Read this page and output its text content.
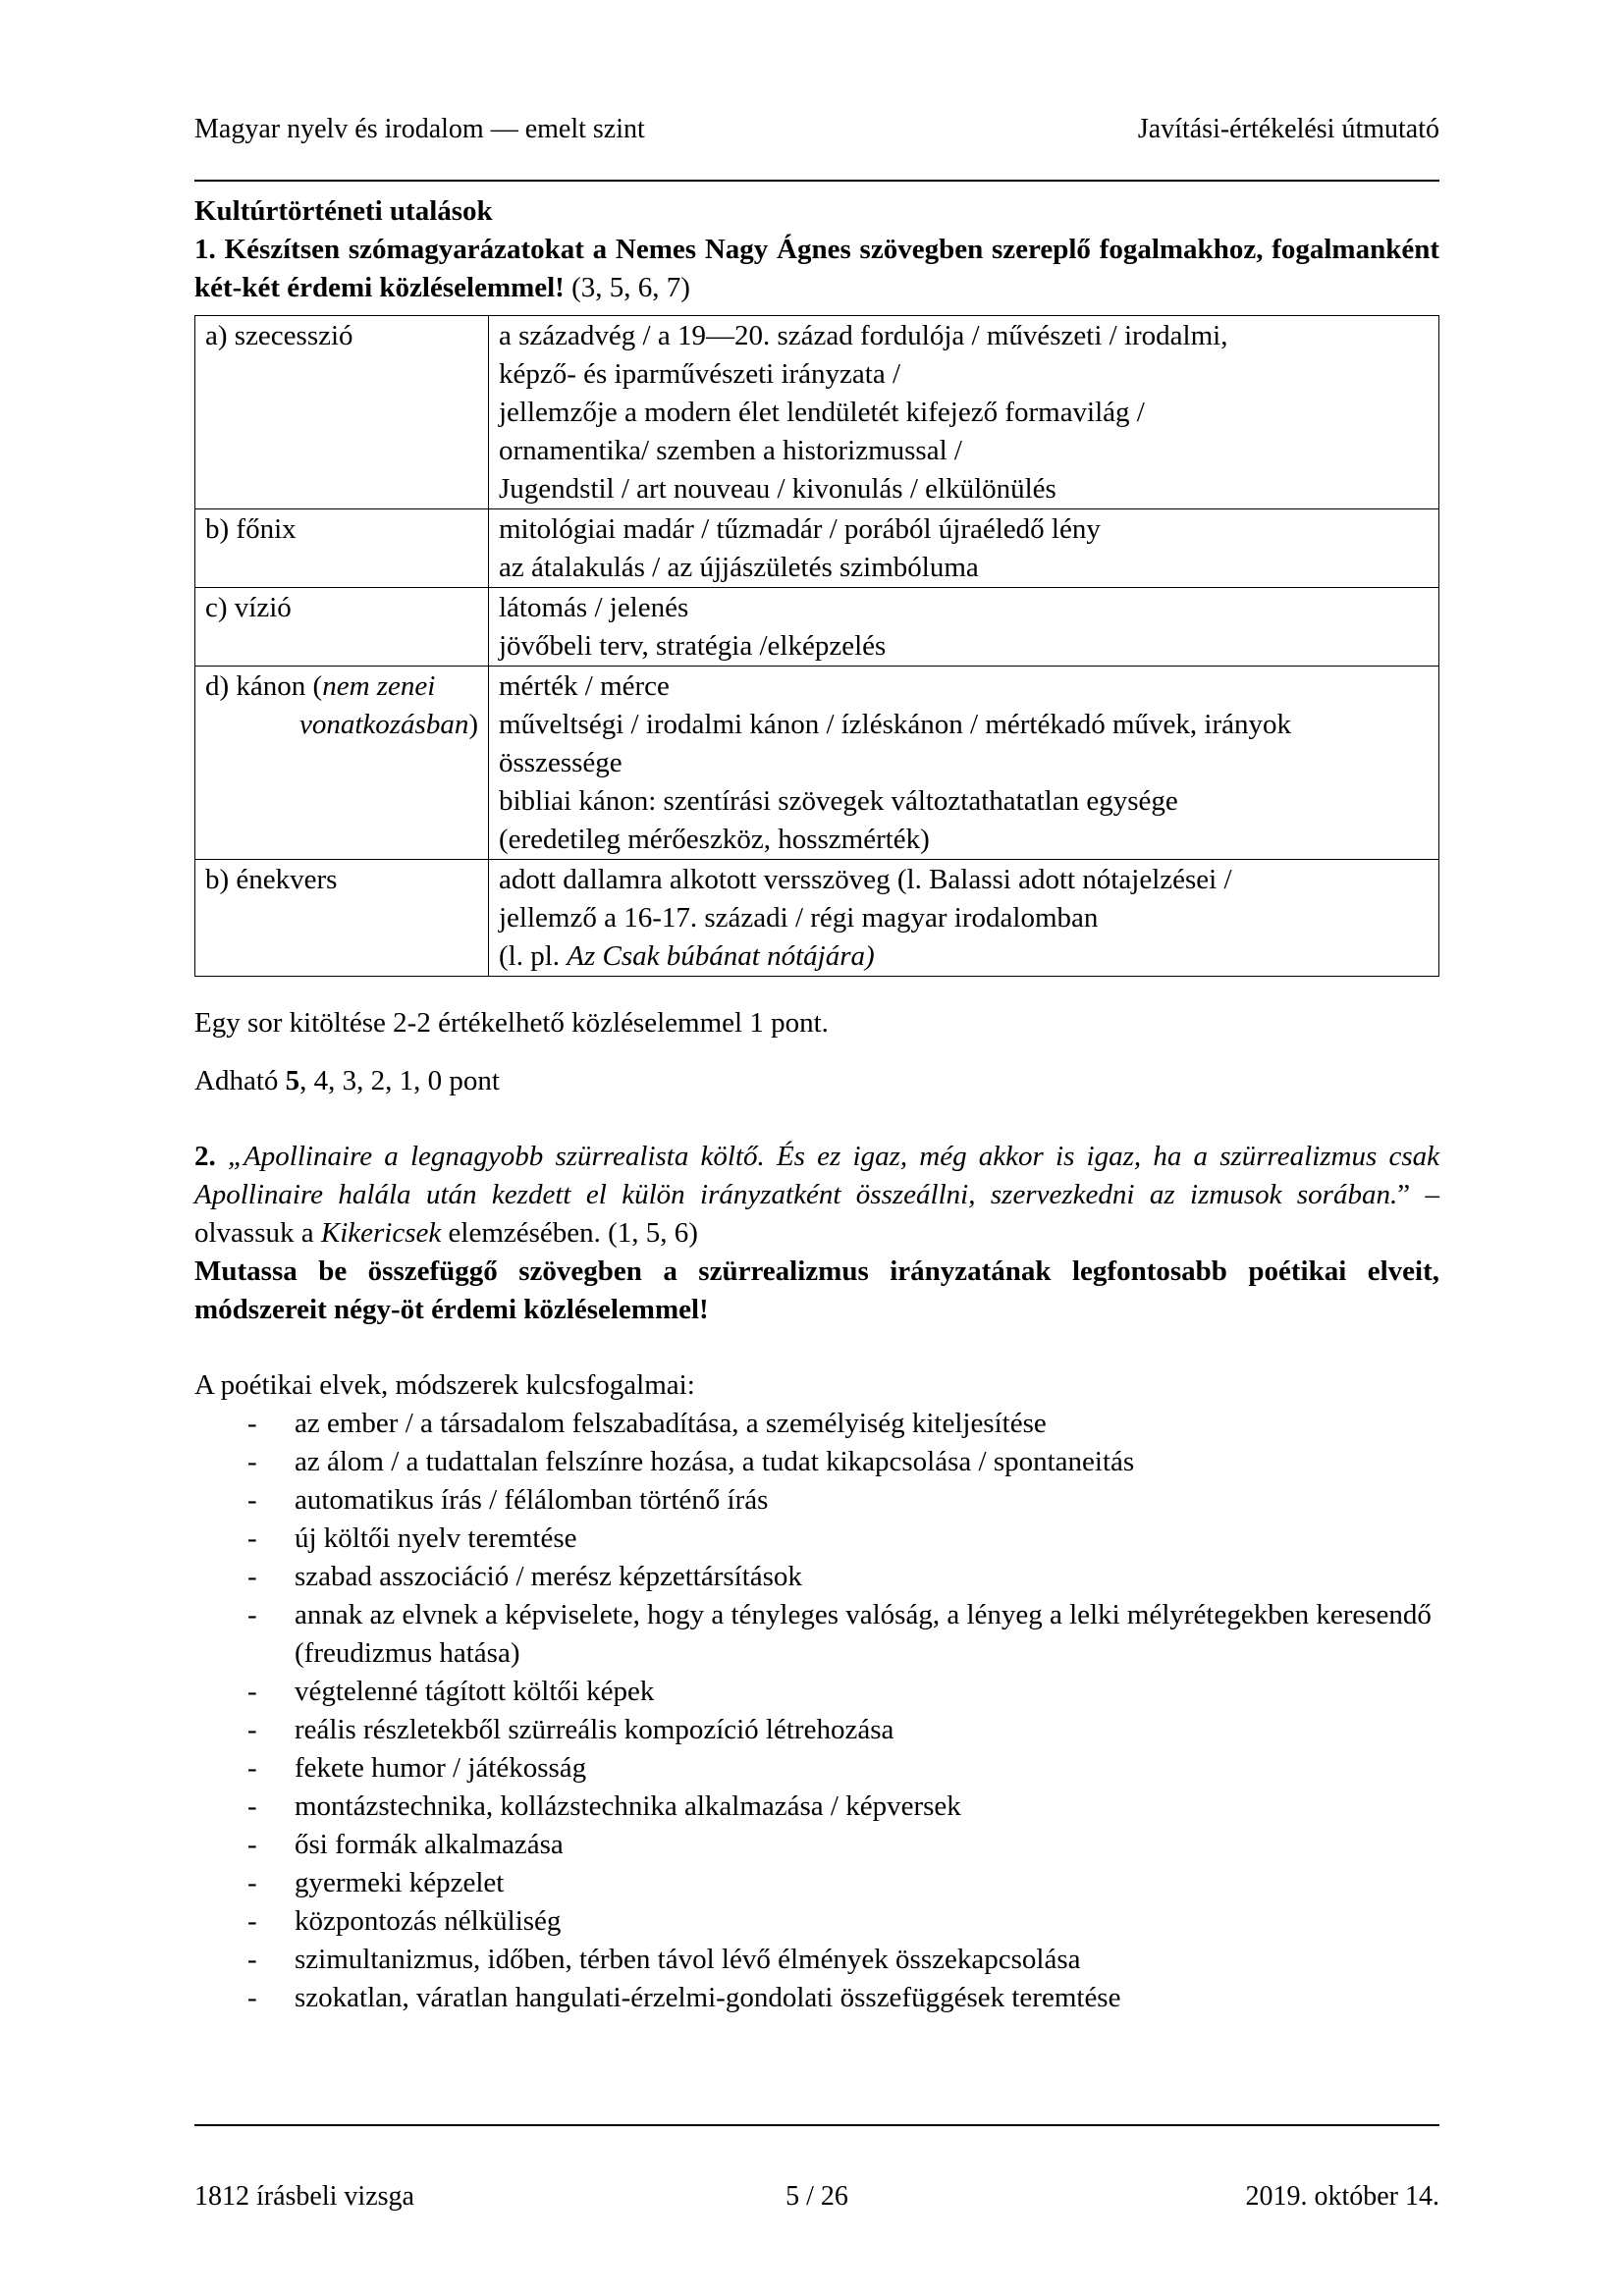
Magyar nyelv és irodalom — emelt szint	Javítási-értékelési útmutató

Kultúrtörténeti utalások

1. Készítsen szómagyarázatokat a Nemes Nagy Ágnes szövegben szereplő fogalmakhoz, fogalmanként két-két érdemi közléselemmel! (3, 5, 6, 7)

a) szecesszió	a századvég / a 19—20. század fordulója / művészeti / irodalmi,
képző- és iparművészeti irányzata /
jellemzője a modern élet lendületét kifejező formavilág /
ornamentika/ szemben a historizmussal /
Jugendstil / art nouveau / kivonulás / elkülönülés

b) főnix	mitológiai madár / tűzmadár / porából újraéledő lény
az átalakulás / az újjászületés szimbóluma

c) vízió	látomás / jelenés
jövőbeli terv, stratégia /elképzelés

d) kánon (nem zenei
vonatkozásban)	mérték / mérce
műveltségi / irodalmi kánon / ízléskánon / mértékadó művek, irányok
összessége
bibliai kánon: szentírási szövegek változtathatatlan egysége
(eredetileg mérőeszköz, hosszmérték)

b) énekvers	adott dallamra alkotott versszöveg (l. Balassi adott nótajelzései /
jellemző a 16-17. századi / régi magyar irodalomban
(l. pl. Az Csak búbánat nótájára)

Egy sor kitöltése 2-2 értékelhető közléselemmel 1 pont.

Adható 5, 4, 3, 2, 1, 0 pont

2. „Apollinaire a legnagyobb szürrealista költő. És ez igaz, még akkor is igaz, ha a szürrealizmus csak Apollinaire halála után kezdett el külön irányzatként összeállni, szervezkedni az izmusok sorában.” – olvassuk a Kikericsek elemzésében. (1, 5, 6)

Mutassa be összefüggő szövegben a szürrealizmus irányzatának legfontosabb poétikai elveit, módszereit négy-öt érdemi közléselemmel!

A poétikai elvek, módszerek kulcsfogalmai:

- az ember / a társadalom felszabadítása, a személyiség kiteljesítése
- az álom / a tudattalan felszínre hozása, a tudat kikapcsolása / spontaneitás
- automatikus írás / félálomban történő írás
- új költői nyelv teremtése
- szabad asszociáció / merész képzettársítások
- annak az elvnek a képviselete, hogy a tényleges valóság, a lényeg a lelki mélyrétegekben keresendő (freudizmus hatása)
- végtelenné tágított költői képek
- reális részletekből szürreális kompozíció létrehozása
- fekete humor / játékosság
- montázstechnika, kollázstechnika alkalmazása / képversek
- ősi formák alkalmazása
- gyermeki képzelet
- központozás nélküliség
- szimultanizmus, időben, térben távol lévő élmények összekapcsolása
- szokatlan, váratlan hangulati-érzelmi-gondolati összefüggések teremtése
1812 írásbeli vizsga	5 / 26	2019. október 14.
